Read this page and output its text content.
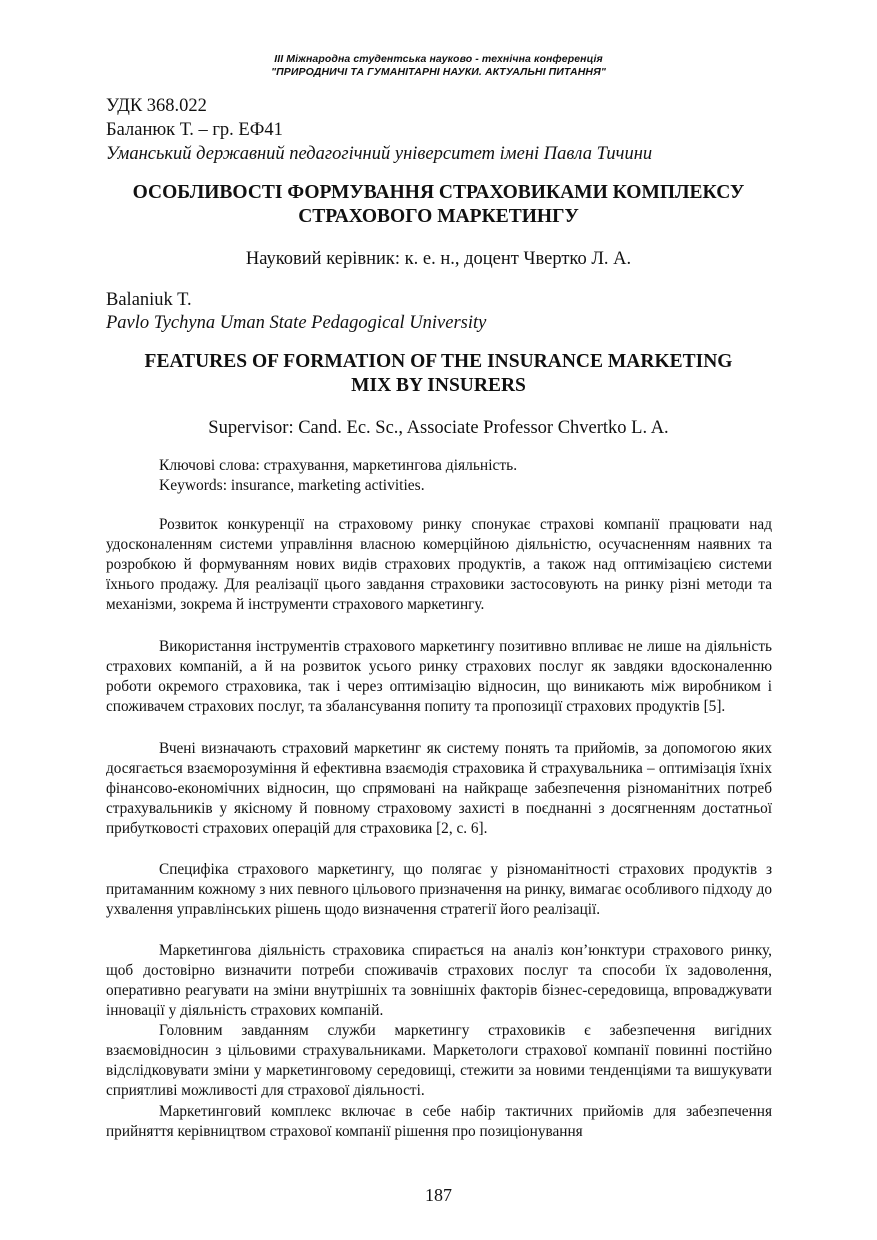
ІІІ Міжнародна студентська науково - технічна конференція
"ПРИРОДНИЧІ ТА ГУМАНІТАРНІ НАУКИ. АКТУАЛЬНІ ПИТАННЯ"
УДК 368.022
Баланюк Т. – гр. ЕФ41
Уманський державний педагогічний університет імені Павла Тичини
ОСОБЛИВОСТІ ФОРМУВАННЯ СТРАХОВИКАМИ КОМПЛЕКСУ
СТРАХОВОГО МАРКЕТИНГУ
Науковий керівник: к. е. н., доцент Чвертко Л. А.
Balaniuk T.
Pavlo Tychyna Uman State Pedagogical University
FEATURES OF FORMATION OF THE INSURANCE MARKETING
MIX BY INSURERS
Supervisor: Cand. Ec. Sc., Associate Professor Chvertko L. A.
Ключові слова: страхування, маркетингова діяльність.
Keywords: insurance, marketing activities.

Розвиток конкуренції на страховому ринку спонукає страхові компанії працювати над удосконаленням системи управління власною комерційною діяльністю, осучасненням наявних та розробкою й формуванням нових видів страхових продуктів, а також над оптимізацією системи їхнього продажу. Для реалізації цього завдання страховики застосовують на ринку різні методи та механізми, зокрема й інструменти страхового маркетингу.

Використання інструментів страхового маркетингу позитивно впливає не лише на діяльність страхових компаній, а й на розвиток усього ринку страхових послуг як завдяки вдосконаленню роботи окремого страховика, так і через оптимізацію відносин, що виникають між виробником і споживачем страхових послуг, та збалансування попиту та пропозиції страхових продуктів [5].

Вчені визначають страховий маркетинг як систему понять та прийомів, за допомогою яких досягається взаєморозуміння й ефективна взаємодія страховика й страхувальника – оптимізація їхніх фінансово-економічних відносин, що спрямовані на найкраще забезпечення різноманітних потреб страхувальників у якісному й повному страховому захисті в поєднанні з досягненням достатньої прибутковості страхових операцій для страховика [2, с. 6].

Специфіка страхового маркетингу, що полягає у різноманітності страхових продуктів з притаманним кожному з них певного цільового призначення на ринку, вимагає особливого підходу до ухвалення управлінських рішень щодо визначення стратегії його реалізації.

Маркетингова діяльність страховика спирається на аналіз кон’юнктури страхового ринку, щоб достовірно визначити потреби споживачів страхових послуг та способи їх задоволення, оперативно реагувати на зміни внутрішніх та зовнішніх факторів бізнес-середовища, впроваджувати інновації у діяльність страхових компаній.

Головним завданням служби маркетингу страховиків є забезпечення вигідних взаємовідносин з цільовими страхувальниками. Маркетологи страхової компанії повинні постійно відслідковувати зміни у маркетинговому середовищі, стежити за новими тенденціями та вишукувати сприятливі можливості для страхової діяльності.

Маркетинговий комплекс включає в себе набір тактичних прийомів для забезпечення прийняття керівництвом страхової компанії рішення про позиціонування

187
